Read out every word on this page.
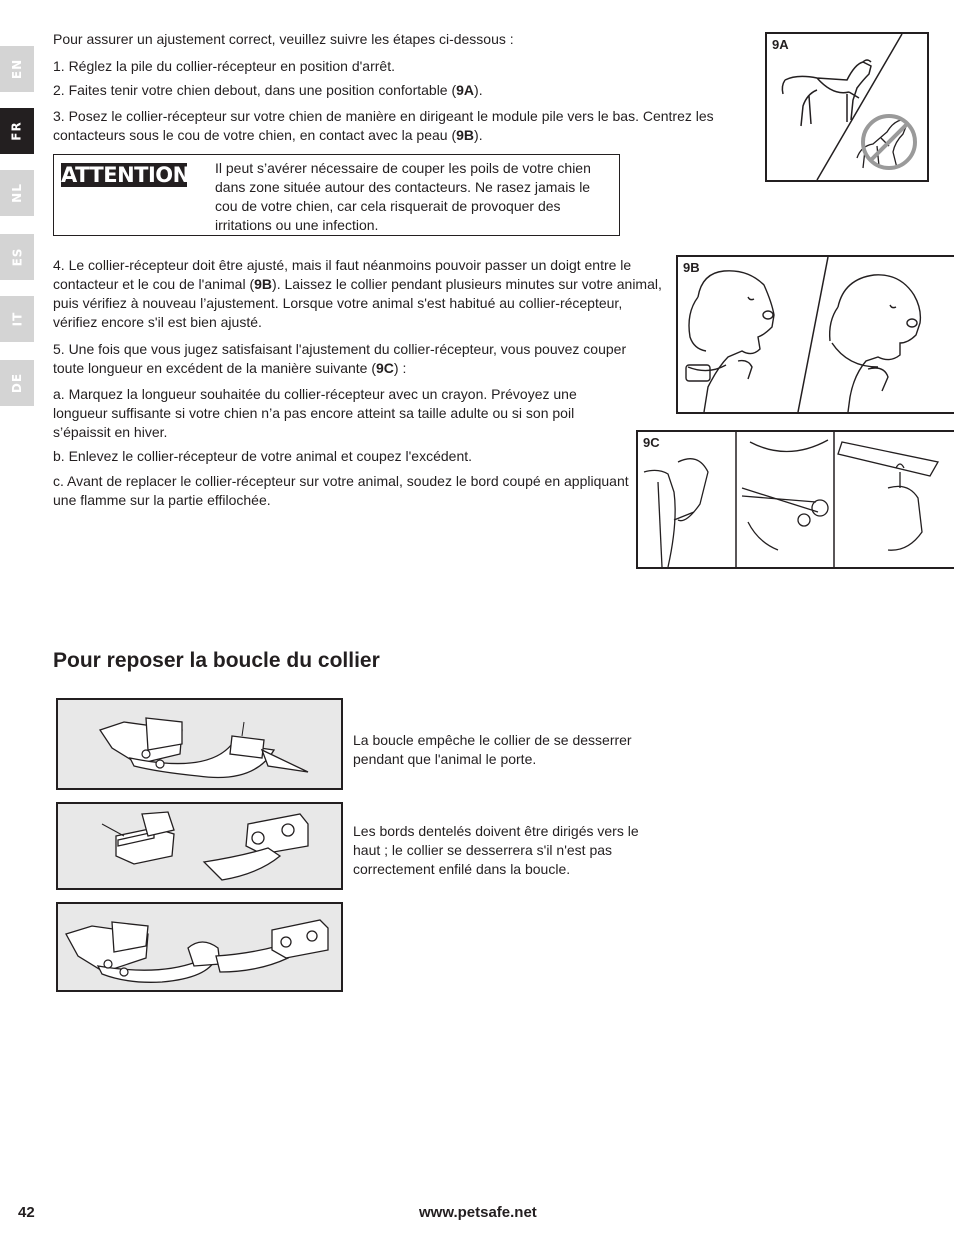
EN
FR
NL
ES
IT
DE

Pour assurer un ajustement correct, veuillez suivre les étapes ci-dessous :

1. Réglez la pile du collier-récepteur en position d'arrêt.

2. Faites tenir votre chien debout, dans une position confortable (9A).

3. Posez le collier-récepteur sur votre chien de manière en dirigeant le module pile vers le bas. Centrez les contacteurs sous le cou de votre chien, en contact avec la peau (9B).

ATTENTION Il peut s’avérer nécessaire de couper les poils de votre chien dans zone située autour des contacteurs. Ne rasez jamais le cou de votre chien, car cela risquerait de provoquer des irritations ou une infection.

4. Le collier-récepteur doit être ajusté, mais il faut néanmoins pouvoir passer un doigt entre le contacteur et le cou de l'animal (9B). Laissez le collier pendant plusieurs minutes sur votre animal, puis vérifiez à nouveau l’ajustement. Lorsque votre animal s'est habitué au collier-récepteur, vérifiez encore s'il est bien ajusté.

5. Une fois que vous jugez satisfaisant l'ajustement du collier-récepteur, vous pouvez couper toute longueur en excédent de la manière suivante (9C) :

a. Marquez la longueur souhaitée du collier-récepteur avec un crayon. Prévoyez une longueur suffisante si votre chien n’a pas encore atteint sa taille adulte ou si son poil s’épaissit en hiver.

b. Enlevez le collier-récepteur de votre animal et coupez l'excédent.

c. Avant de replacer le collier-récepteur sur votre animal, soudez le bord coupé en appliquant une flamme sur la partie effilochée.

9A
9B
9C
Pour reposer la boucle du collier

La boucle empêche le collier de se desserrer pendant que l'animal le porte.

Les bords dentelés doivent être dirigés vers le haut ; le collier se desserrera s'il n'est pas correctement enfilé dans la boucle.

42	www.petsafe.net
